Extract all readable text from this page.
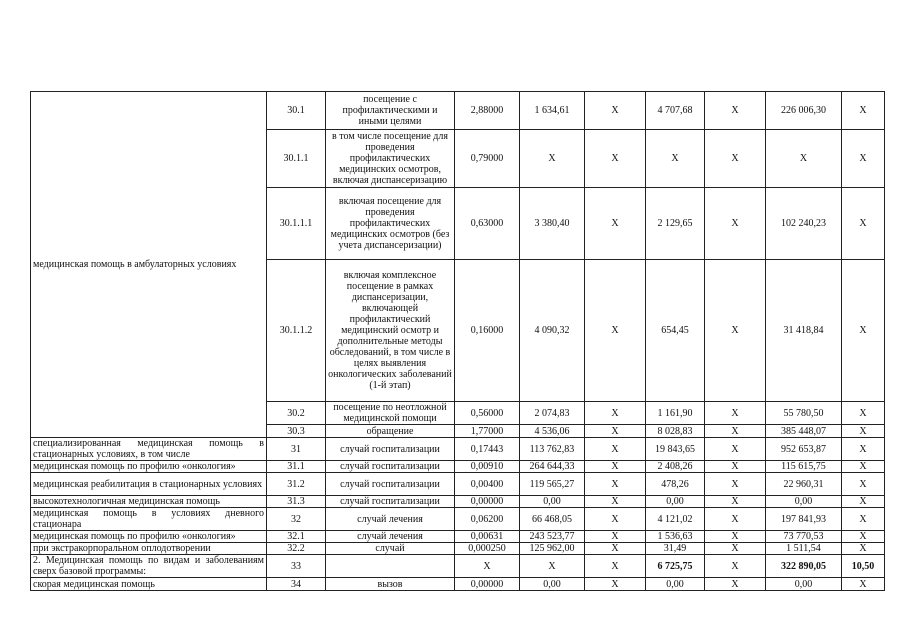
медицинская помощь в амбулаторных условиях	30.1	посещение с профилактическими и иными целями	2,88000	1 634,61	X	4 707,68	X	226 006,30	X
	30.1.1	в том числе посещение для проведения профилактических медицинских осмотров, включая диспансеризацию	0,79000	X	X	X	X	X	X
	30.1.1.1	включая посещение для проведения профилактических медицинских осмотров (без учета диспансеризации)	0,63000	3 380,40	X	2 129,65	X	102 240,23	X
	30.1.1.2	включая комплексное посещение в рамках диспансеризации, включающей профилактический медицинский осмотр и дополнительные методы обследований, в том числе в целях выявления онкологических заболеваний (1-й этап)	0,16000	4 090,32	X	654,45	X	31 418,84	X
	30.2	посещение по неотложной медицинской помощи	0,56000	2 074,83	X	1 161,90	X	55 780,50	X
	30.3	обращение	1,77000	4 536,06	X	8 028,83	X	385 448,07	X
специализированная медицинская помощь в стационарных условиях, в том числе	31	случай госпитализации	0,17443	113 762,83	X	19 843,65	X	952 653,87	X
медицинская помощь по профилю «онкология»	31.1	случай госпитализации	0,00910	264 644,33	X	2 408,26	X	115 615,75	X
медицинская реабилитация в стационарных условиях	31.2	случай госпитализации	0,00400	119 565,27	X	478,26	X	22 960,31	X
высокотехнологичная медицинская помощь	31.3	случай госпитализации	0,00000	0,00	X	0,00	X	0,00	X
медицинская помощь в условиях дневного стационара	32	случай лечения	0,06200	66 468,05	X	4 121,02	X	197 841,93	X
медицинская помощь по профилю «онкология»	32.1	случай лечения	0,00631	243 523,77	X	1 536,63	X	73 770,53	X
при экстракорпоральном оплодотворении	32.2	случай	0,000250	125 962,00	X	31,49	X	1 511,54	X
2. Медицинская помощь по видам и заболеваниям сверх базовой программы:	33		X	X	X	6 725,75	X	322 890,05	10,50
скорая медицинская помощь	34	вызов	0,00000	0,00	X	0,00	X	0,00	X
